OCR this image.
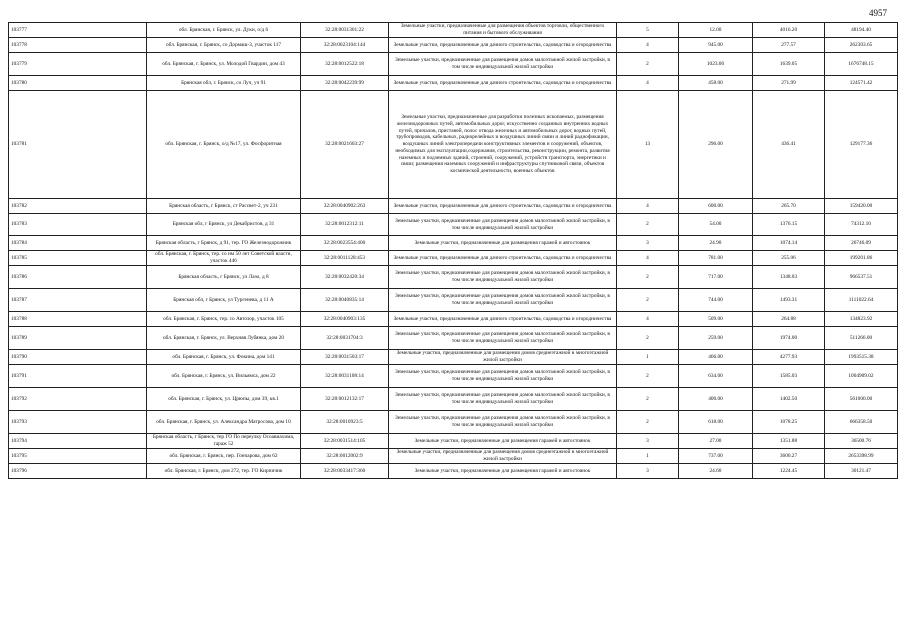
4957
103777	обл. Брянская, г. Брянск, ул. Дуки, о/д 6	32:28:0031301:22	Земельные участки, предназначенные для размещения объектов торговли, общественного питания и бытового обслуживания	5	12.00	4016.20	48194.40
103778	обл. Брянская, г. Брянск, со Дормаш-3, участок 117	32:28:0023104:144	Земельные участки, предназначенные для дачного строительства, садоводства и огородничества	4	945.00	277.57	262303.65
103779	обл. Брянская, г. Брянск, ул. Молодой Гвардии, дом 43	32:28:0012522:18	Земельные участки, предназначенные для размещения домов малоэтажной жилой застройки, в том числе индивидуальной жилой застройки	2	1023.00	1639.05	1676748.15
103780	Брянская обл, г. Брянск, со Луч, уч 91	32:28:0042239:99	Земельные участки, предназначенные для дачного строительства, садоводства и огородничества	4	458.00	271.99	124571.42
103781	обл. Брянская, г. Брянск, о/д №17, ул. Фосфоритная	32:28:0021603:27	Земельные участки, предназначенные для разработки полезных ископаемых, размещения железнодорожных путей, автомобильных дорог, искусственно созданных внутренних водных путей, причалов, пристаней, полос отвода железных и автомобильных дорог, водных путей, трубопроводов, кабельных, радиорелейных и воздушных линий связи и линий радиофикации, воздушных линий электропередачи конструктивных элементов и сооружений, объектов, необходимых для эксплуатации,содержания, строительства, реконструкции, ремонта, развития наземных и подземных зданий, строений, сооружений, устройств транспорта, энергетики и связи; размещения наземных сооружений и инфраструктуры спутниковой связи, объектов космической деятельности, военных объектов	13	296.00	436.41	129177.36
103782	Брянская область, г Брянск, ст Рассвет-2, уч 231	32:28:0040902:263	Земельные участки, предназначенные для дачного строительства, садоводства и огородничества	4	600.00	265.70	159420.00
103783	Брянская обл, г Брянск, ул Декабристов, д 31	32:28:0012312:11	Земельные участки, предназначенные для размещения домов малоэтажной жилой застройки, в том числе индивидуальной жилой застройки	2	54.00	1376.15	74312.10
103784	Брянская область, г Брянск, д 91, тер. ГО Железнодорожник	32:28:0023554:400	Земельные участки, предназначенные для размещения гаражей и автостоянок	3	24.90	1074.14	26746.09
103785	обл. Брянская, г. Брянск, тер. со им 50 лет Советской власти, участок 446	32:28:0011128:453	Земельные участки, предназначенные для дачного строительства, садоводства и огородничества	4	781.00	255.06	199201.86
103786	Брянская область, г Брянск, ул Лазо, д 8	32:28:0032420:34	Земельные участки, предназначенные для размещения домов малоэтажной жилой застройки, в том числе индивидуальной жилой застройки	2	717.00	1348.03	966537.51
103787	Брянская обл, г Брянск, ул Тургенева, д 11 А	32:28:0040835:14	Земельные участки, предназначенные для размещения домов малоэтажной жилой застройки, в том числе индивидуальной жилой застройки	2	744.00	1493.31	1111022.64
103788	обл. Брянская, г. Брянск, тер. со Автозор, участок 105	32:28:0040903:135	Земельные участки, предназначенные для дачного строительства, садоводства и огородничества	4	509.00	264.88	134823.92
103789	обл. Брянская, г. Брянск, ул. Верхняя Лубянка, дом 20	32:28:0031704:3	Земельные участки, предназначенные для размещения домов малоэтажной жилой застройки, в том числе индивидуальной жилой застройки	2	259.00	1974.00	511266.00
103790	обл. Брянская, г. Брянск, ул. Фокина, дом 141	32:28:0031503:17	Земельные участки, предназначенные для размещения домов среднеэтажной и многоэтажной жилой застройки	1	466.00	4277.93	1993515.38
103791	обл. Брянская, г. Брянск, ул. Вильямса, дом 22	32:28:0031108:14	Земельные участки, предназначенные для размещения домов малоэтажной жилой застройки, в том числе индивидуальной жилой застройки	2	634.00	1585.03	1004909.02
103792	обл. Брянская, г. Брянск, ул. Црюпы, дом 39, кв.1	32:28:0012132:17	Земельные участки, предназначенные для размещения домов малоэтажной жилой застройки, в том числе индивидуальной жилой застройки	2	400.00	1402.50	561000.00
103793	обл. Брянская, г. Брянск, ул. Александра Матросова, дом 10	32:28:0010923:5	Земельные участки, предназначенные для размещения домов малоэтажной жилой застройки, в том числе индивидуальной жилой застройки	2	618.00	1078.25	666358.50
103794	Брянская область, г Брянск, тер ГО По переулку Осоавиахима, гараж 52	32:28:0031514:105	Земельные участки, предназначенные для размещения гаражей и автостоянок	3	27.00	1351.88	36500.76
103795	обл. Брянская, г. Брянск, пер. Гончарова, дом 62	32:28:0012002:9	Земельные участки, предназначенные для размещения домов среднеэтажной и многоэтажной жилой застройки	1	737.00	3600.27	2653398.99
103796	обл. Брянская, г. Брянск, дом 272, тер. ГО Кирпичик	32:28:0033417:360	Земельные участки, предназначенные для размещения гаражей и автостоянок	3	24.60	1224.45	30121.47
